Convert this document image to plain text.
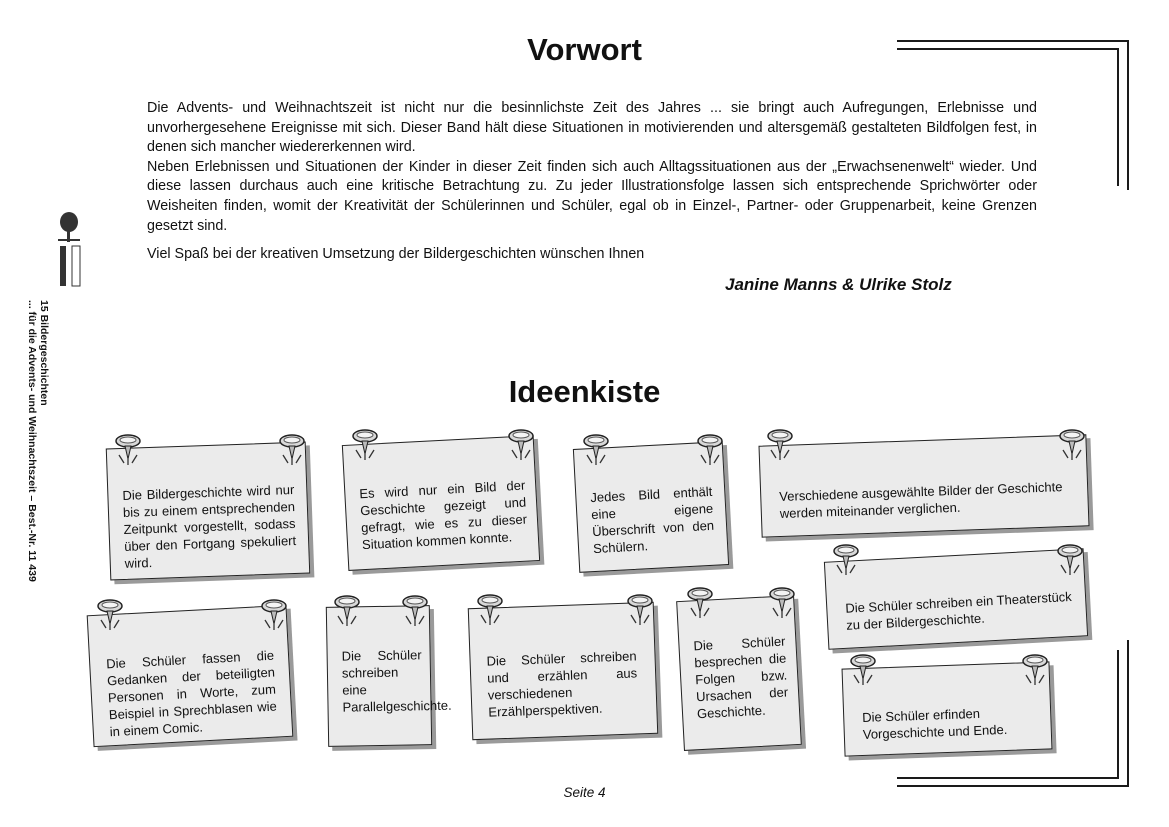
Vorwort

Die Advents- und Weihnachtszeit ist nicht nur die besinnlichste Zeit des Jahres ... sie bringt auch Aufregungen, Erlebnisse und unvorhergesehene Ereignisse mit sich. Dieser Band hält diese Situationen in motivierenden und altersgemäß gestalteten Bildfolgen fest, in denen sich mancher wiedererkennen wird.

Neben Erlebnissen und Situationen der Kinder in dieser Zeit finden sich auch Alltagssituationen aus der „Erwachsenenwelt“ wieder. Und diese lassen durchaus auch eine kritische Betrachtung zu. Zu jeder Illustrationsfolge lassen sich entsprechende Sprichwörter oder Weisheiten finden, womit der Kreativität der Schülerinnen und Schüler, egal ob in Einzel-, Partner- oder Gruppenarbeit, keine Grenzen gesetzt sind.

Viel Spaß bei der kreativen Umsetzung der Bildergeschichten wünschen Ihnen
Janine Manns & Ulrike Stolz
15 Bildergeschichten
... für die Advents- und Weihnachtszeit – Best.-Nr. 11 439	Ideenkiste
Die Bildergeschichte wird nur bis zu einem entsprechenden Zeitpunkt vorgestellt, sodass über den Fortgang spekuliert wird.
Es wird nur ein Bild der Geschichte gezeigt und gefragt, wie es zu dieser Situation kommen konnte.
Jedes Bild enthält eine eigene Überschrift von den Schülern.
Verschiedene ausgewählte Bilder der Geschichte werden miteinander verglichen.
Die Schüler schreiben ein Theaterstück zu der Bildergeschichte.
Die Schüler fassen die Gedanken der beteiligten Personen in Worte, zum Beispiel in Sprechblasen wie in einem Comic.
Die Schüler schreiben eine Parallelgeschichte.
Die Schüler schreiben und erzählen aus verschiedenen Erzählperspektiven.
Die Schüler besprechen die Folgen bzw. Ursachen der Geschichte.	Die Schüler erfinden Vorgeschichte und Ende.
Seite 4
